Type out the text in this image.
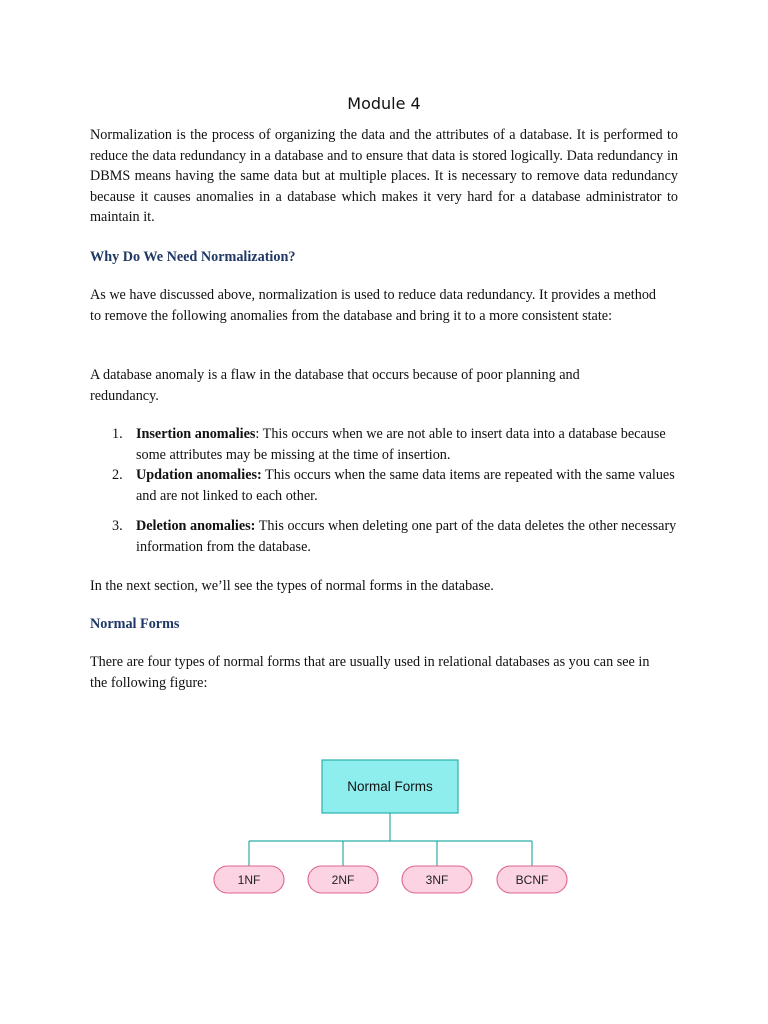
Module 4

Normalization is the process of organizing the data and the attributes of a database. It is performed to reduce the data redundancy in a database and to ensure that data is stored logically. Data redundancy in DBMS means having the same data but at multiple places. It is necessary to remove data redundancy because it causes anomalies in a database which makes it very hard for a database administrator to maintain it.

Why Do We Need Normalization?

As we have discussed above, normalization is used to reduce data redundancy. It provides a method to remove the following anomalies from the database and bring it to a more consistent state:

A database anomaly is a flaw in the database that occurs because of poor planning and redundancy.

1. Insertion anomalies: This occurs when we are not able to insert data into a database because some attributes may be missing at the time of insertion.
2. Updation anomalies: This occurs when the same data items are repeated with the same values and are not linked to each other.
3. Deletion anomalies: This occurs when deleting one part of the data deletes the other necessary information from the database.

In the next section, we’ll see the types of normal forms in the database.

Normal Forms

There are four types of normal forms that are usually used in relational databases as you can see in the following figure:

Normal Forms
1NF	2NF	3NF	BCNF
